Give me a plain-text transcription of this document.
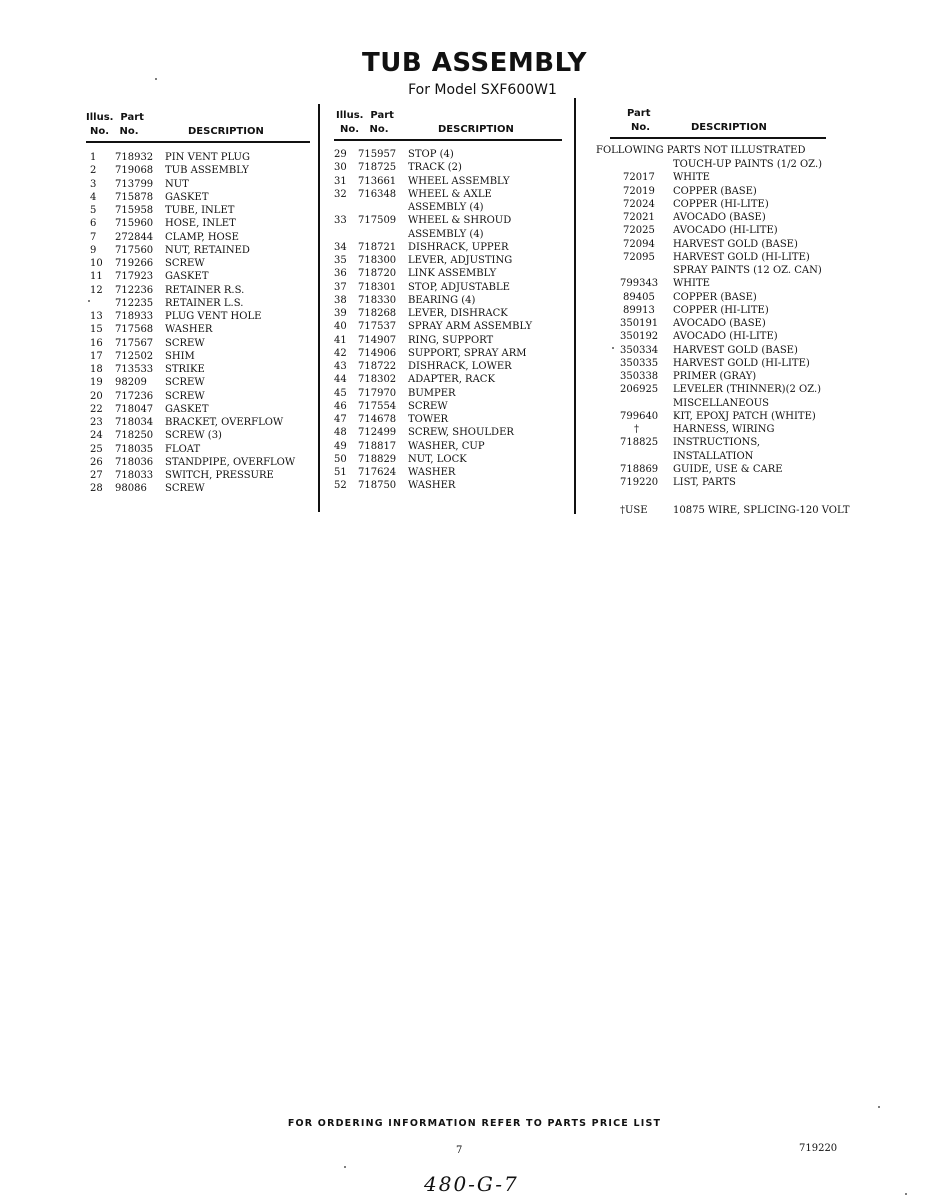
TUB ASSEMBLY
For Model SXF600W1
Illus.  Part
No.   No.	DESCRIPTION
Illus.  Part
No.   No.	DESCRIPTION
Part
No.	DESCRIPTION
1 718932 PIN VENT PLUG
2 719068 TUB ASSEMBLY
3 713799 NUT
4 715878 GASKET
5 715958 TUBE, INLET
6 715960 HOSE, INLET
7 272844 CLAMP, HOSE
9 717560 NUT, RETAINED
10 719266 SCREW
11 717923 GASKET
12 712236 RETAINER R.S.
712235 RETAINER L.S.
13 718933 PLUG VENT HOLE
15 717568 WASHER
16 717567 SCREW
17 712502 SHIM
18 713533 STRIKE
19 98209 SCREW
20 717236 SCREW
22 718047 GASKET
23 718034 BRACKET, OVERFLOW
24 718250 SCREW (3)
25 718035 FLOAT
26 718036 STANDPIPE, OVERFLOW
27 718033 SWITCH, PRESSURE
28 98086 SCREW
29 715957 STOP (4)
30 718725 TRACK (2)
31 713661 WHEEL ASSEMBLY
32 716348 WHEEL & AXLE
ASSEMBLY (4)
33 717509 WHEEL & SHROUD
ASSEMBLY (4)
34 718721 DISHRACK, UPPER
35 718300 LEVER, ADJUSTING
36 718720 LINK ASSEMBLY
37 718301 STOP, ADJUSTABLE
38 718330 BEARING (4)
39 718268 LEVER, DISHRACK
40 717537 SPRAY ARM ASSEMBLY
41 714907 RING, SUPPORT
42 714906 SUPPORT, SPRAY ARM
43 718722 DISHRACK, LOWER
44 718302 ADAPTER, RACK
45 717970 BUMPER
46 717554 SCREW
47 714678 TOWER
48 712499 SCREW, SHOULDER
49 718817 WASHER, CUP
50 718829 NUT, LOCK
51 717624 WASHER
52 718750 WASHER
FOLLOWING PARTS NOT ILLUSTRATED
TOUCH-UP PAINTS (1/2 OZ.)
72017 WHITE
72019 COPPER (BASE)
72024 COPPER (HI-LITE)
72021 AVOCADO (BASE)
72025 AVOCADO (HI-LITE)
72094 HARVEST GOLD (BASE)
72095 HARVEST GOLD (HI-LITE)
SPRAY PAINTS (12 OZ. CAN)
799343 WHITE
89405 COPPER (BASE)
89913 COPPER (HI-LITE)
350191 AVOCADO (BASE)
350192 AVOCADO (HI-LITE)
350334 HARVEST GOLD (BASE)
350335 HARVEST GOLD (HI-LITE)
350338 PRIMER (GRAY)
206925 LEVELER (THINNER)(2 OZ.)
MISCELLANEOUS
799640 KIT, EPOXJ PATCH (WHITE)
†	HARNESS, WIRING
718825 INSTRUCTIONS,
INSTALLATION
718869 GUIDE, USE & CARE
719220 LIST, PARTS
†USE	10875 WIRE, SPLICING-120 VOLT
FOR ORDERING INFORMATION REFER TO PARTS PRICE LIST
7	719220
480-G-7
